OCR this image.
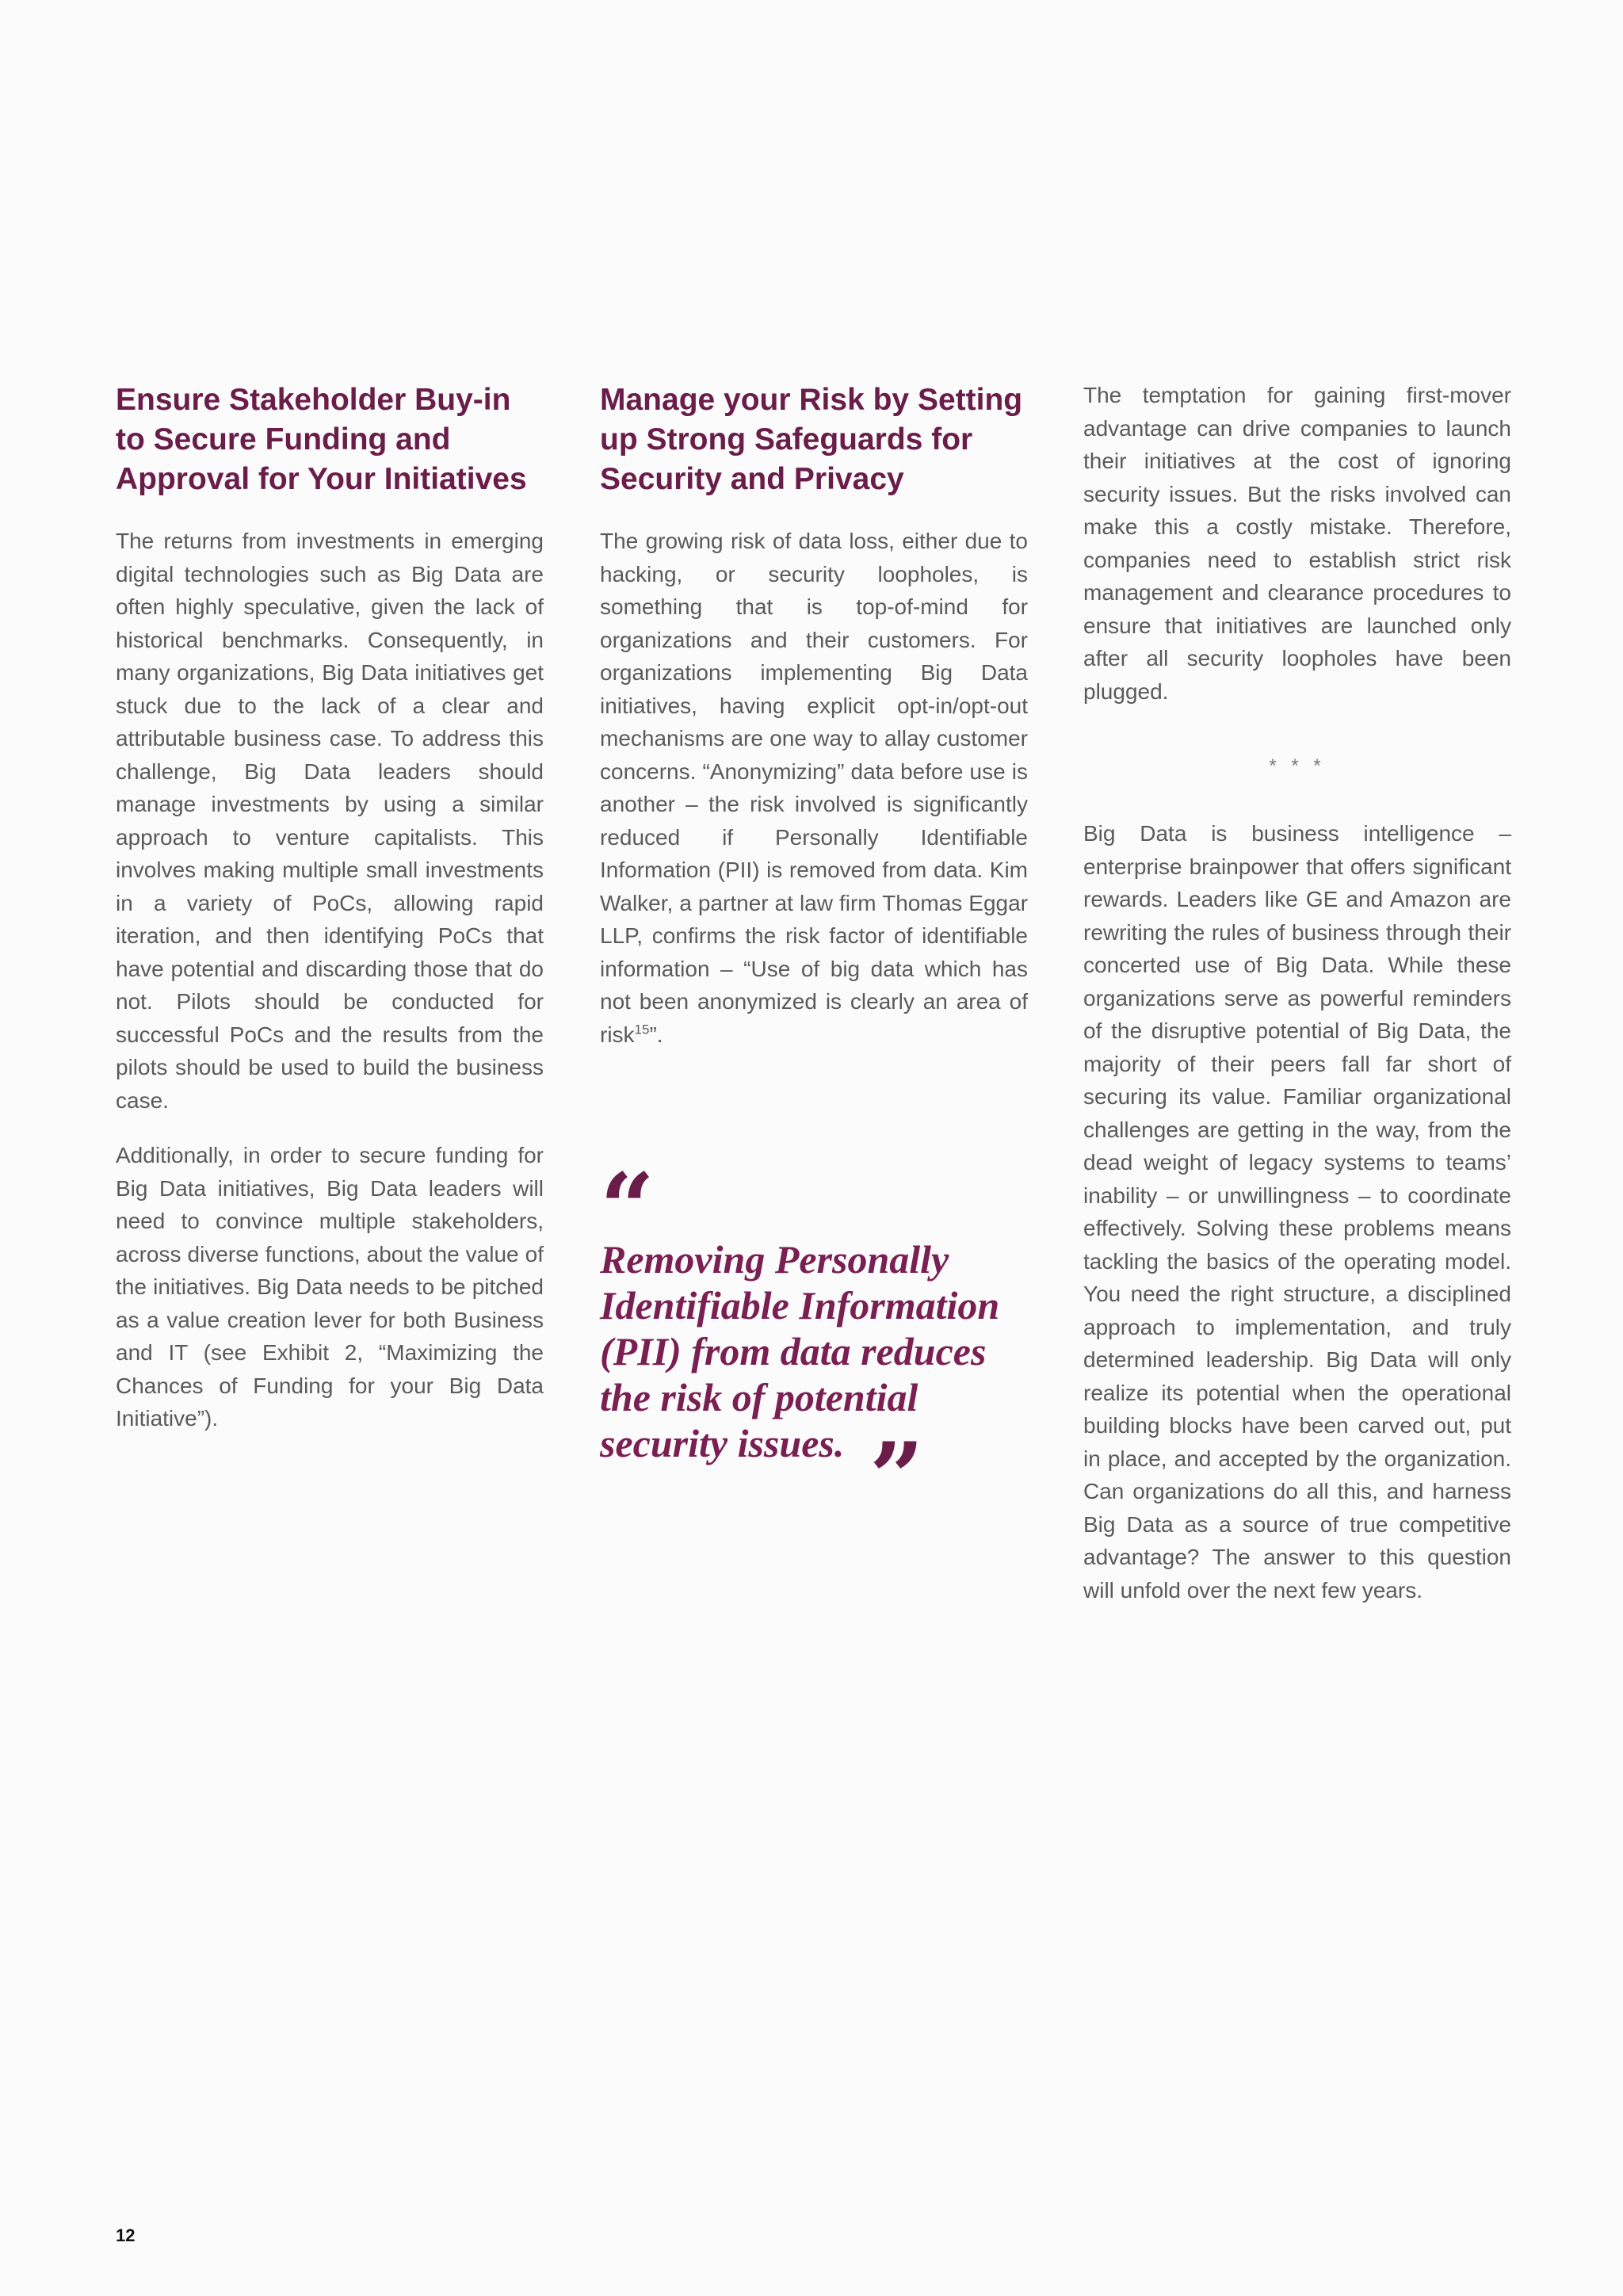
Ensure Stakeholder Buy-in to Secure Funding and Approval for Your Initiatives

The returns from investments in emerging digital technologies such as Big Data are often highly speculative, given the lack of historical benchmarks. Consequently, in many organizations, Big Data initiatives get stuck due to the lack of a clear and attributable business case. To address this challenge, Big Data leaders should manage investments by using a similar approach to venture capitalists. This involves making multiple small investments in a variety of PoCs, allowing rapid iteration, and then identifying PoCs that have potential and discarding those that do not. Pilots should be conducted for successful PoCs and the results from the pilots should be used to build the business case.

Additionally, in order to secure funding for Big Data initiatives, Big Data leaders will need to convince multiple stakeholders, across diverse functions, about the value of the initiatives. Big Data needs to be pitched as a value creation lever for both Business and IT (see Exhibit 2, “Maximizing the Chances of Funding for your Big Data Initiative”).

Manage your Risk by Setting up Strong Safeguards for Security and Privacy

The growing risk of data loss, either due to hacking, or security loopholes, is something that is top-of-mind for organizations and their customers. For organizations implementing Big Data initiatives, having explicit opt-in/opt-out mechanisms are one way to allay customer concerns. “Anonymizing” data before use is another – the risk involved is significantly reduced if Personally Identifiable Information (PII) is removed from data. Kim Walker, a partner at law firm Thomas Eggar LLP, confirms the risk factor of identifiable information – “Use of big data which has not been anonymized is clearly an area of risk$^{15}$”.

“
Removing Personally Identifiable Information (PII) from data reduces the risk of potential security issues. ”

The temptation for gaining first-mover advantage can drive companies to launch their initiatives at the cost of ignoring security issues. But the risks involved can make this a costly mistake. Therefore, companies need to establish strict risk management and clearance procedures to ensure that initiatives are launched only after all security loopholes have been plugged.

* * *

Big Data is business intelligence – enterprise brainpower that offers significant rewards. Leaders like GE and Amazon are rewriting the rules of business through their concerted use of Big Data. While these organizations serve as powerful reminders of the disruptive potential of Big Data, the majority of their peers fall far short of securing its value. Familiar organizational challenges are getting in the way, from the dead weight of legacy systems to teams’ inability – or unwillingness – to coordinate effectively. Solving these problems means tackling the basics of the operating model. You need the right structure, a disciplined approach to implementation, and truly determined leadership. Big Data will only realize its potential when the operational building blocks have been carved out, put in place, and accepted by the organization. Can organizations do all this, and harness Big Data as a source of true competitive advantage? The answer to this question will unfold over the next few years.

12
